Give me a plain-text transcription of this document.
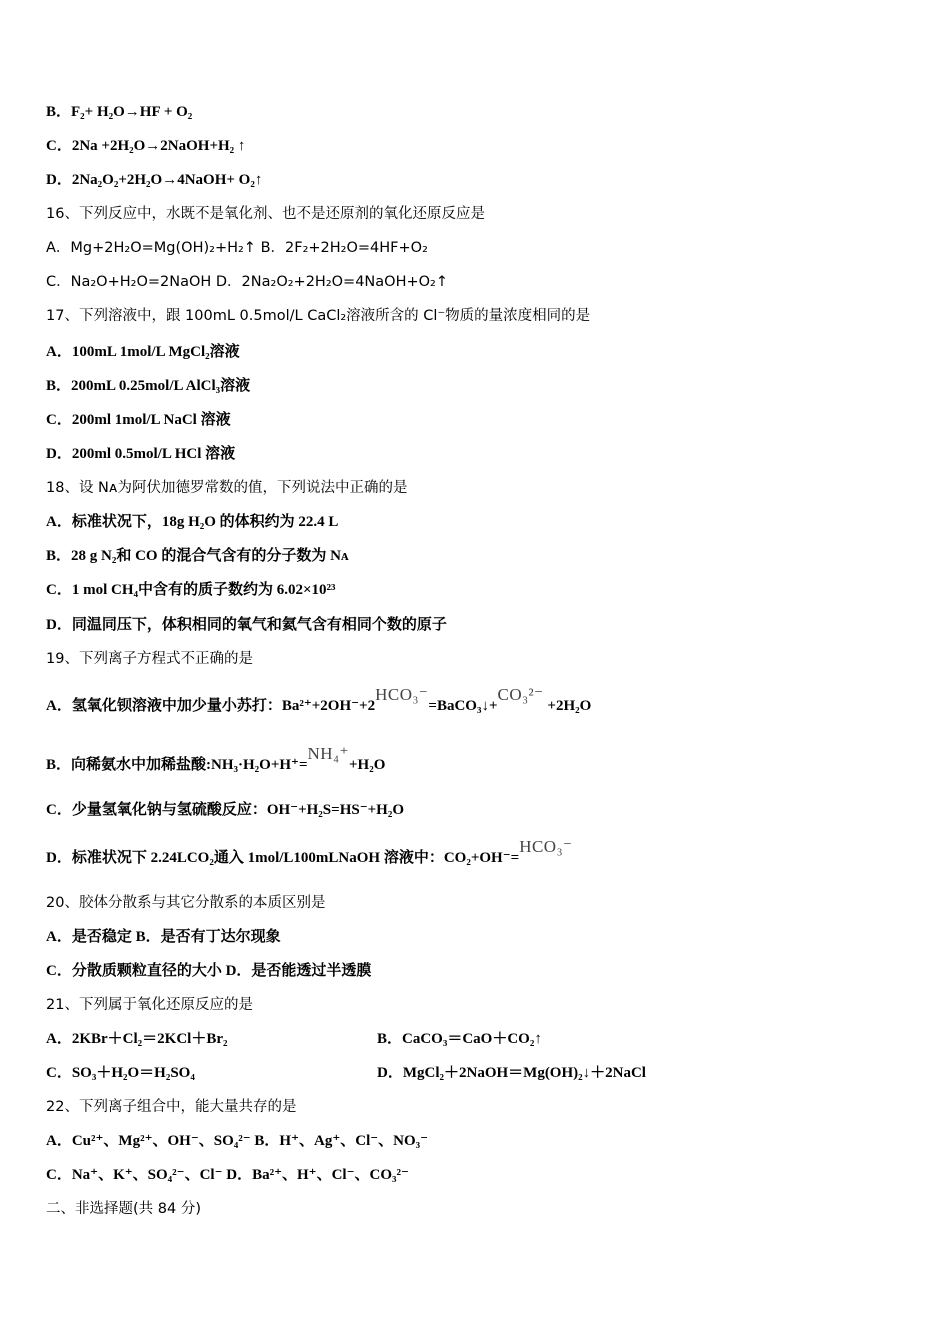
B．F₂+ H₂O→HF + O₂
C．2Na +2H₂O→2NaOH+H₂ ↑
D．2Na₂O₂+2H₂O→4NaOH+ O₂↑
16、下列反应中，水既不是氧化剂、也不是还原剂的氧化还原反应是
A．Mg+2H₂O=Mg(OH)₂+H₂↑ B．2F₂+2H₂O=4HF+O₂
C．Na₂O+H₂O=2NaOH D．2Na₂O₂+2H₂O=4NaOH+O₂↑
17、下列溶液中，跟 100mL 0.5mol/L CaCl₂溶液所含的 Cl⁻物质的量浓度相同的是
A．100mL 1mol/L MgCl₂溶液
B．200mL 0.25mol/L AlCl₃溶液
C．200ml 1mol/L NaCl 溶液
D．200ml 0.5mol/L HCl 溶液
18、设 Nᴀ为阿伏加德罗常数的值，下列说法中正确的是
A．标准状况下，18g H₂O 的体积约为 22.4 L
B．28 g N₂和 CO 的混合气含有的分子数为 Nᴀ
C．1 mol CH₄中含有的质子数约为 6.02×10²³
D．同温同压下，体积相同的氧气和氦气含有相同个数的原子
19、下列离子方程式不正确的是
A．氢氧化钡溶液中加少量小苏打：Ba²⁺+2OH⁻+2HCO₃⁻=BaCO₃↓+CO₃²⁻ +2H₂O
B．向稀氨水中加稀盐酸:NH₃·H₂O+H⁺=NH₄⁺+H₂O
C．少量氢氧化钠与氢硫酸反应：OH⁻+H₂S=HS⁻+H₂O
D．标准状况下 2.24LCO₂通入 1mol/L100mLNaOH 溶液中：CO₂+OH⁻=HCO₃⁻
20、胶体分散系与其它分散系的本质区别是
A．是否稳定 B．是否有丁达尔现象
C．分散质颗粒直径的大小 D．是否能透过半透膜
21、下列属于氧化还原反应的是
A．2KBr＋Cl₂＝2KCl＋Br₂	B．CaCO₃＝CaO＋CO₂↑
C．SO₃＋H₂O＝H₂SO₄	D．MgCl₂＋2NaOH＝Mg(OH)₂↓＋2NaCl
22、下列离子组合中，能大量共存的是
A．Cu²⁺、Mg²⁺、OH⁻、SO₄²⁻ B．H⁺、Ag⁺、Cl⁻、NO₃⁻
C．Na⁺、K⁺、SO₄²⁻、Cl⁻ D．Ba²⁺、H⁺、Cl⁻、CO₃²⁻
二、非选择题(共 84 分)
